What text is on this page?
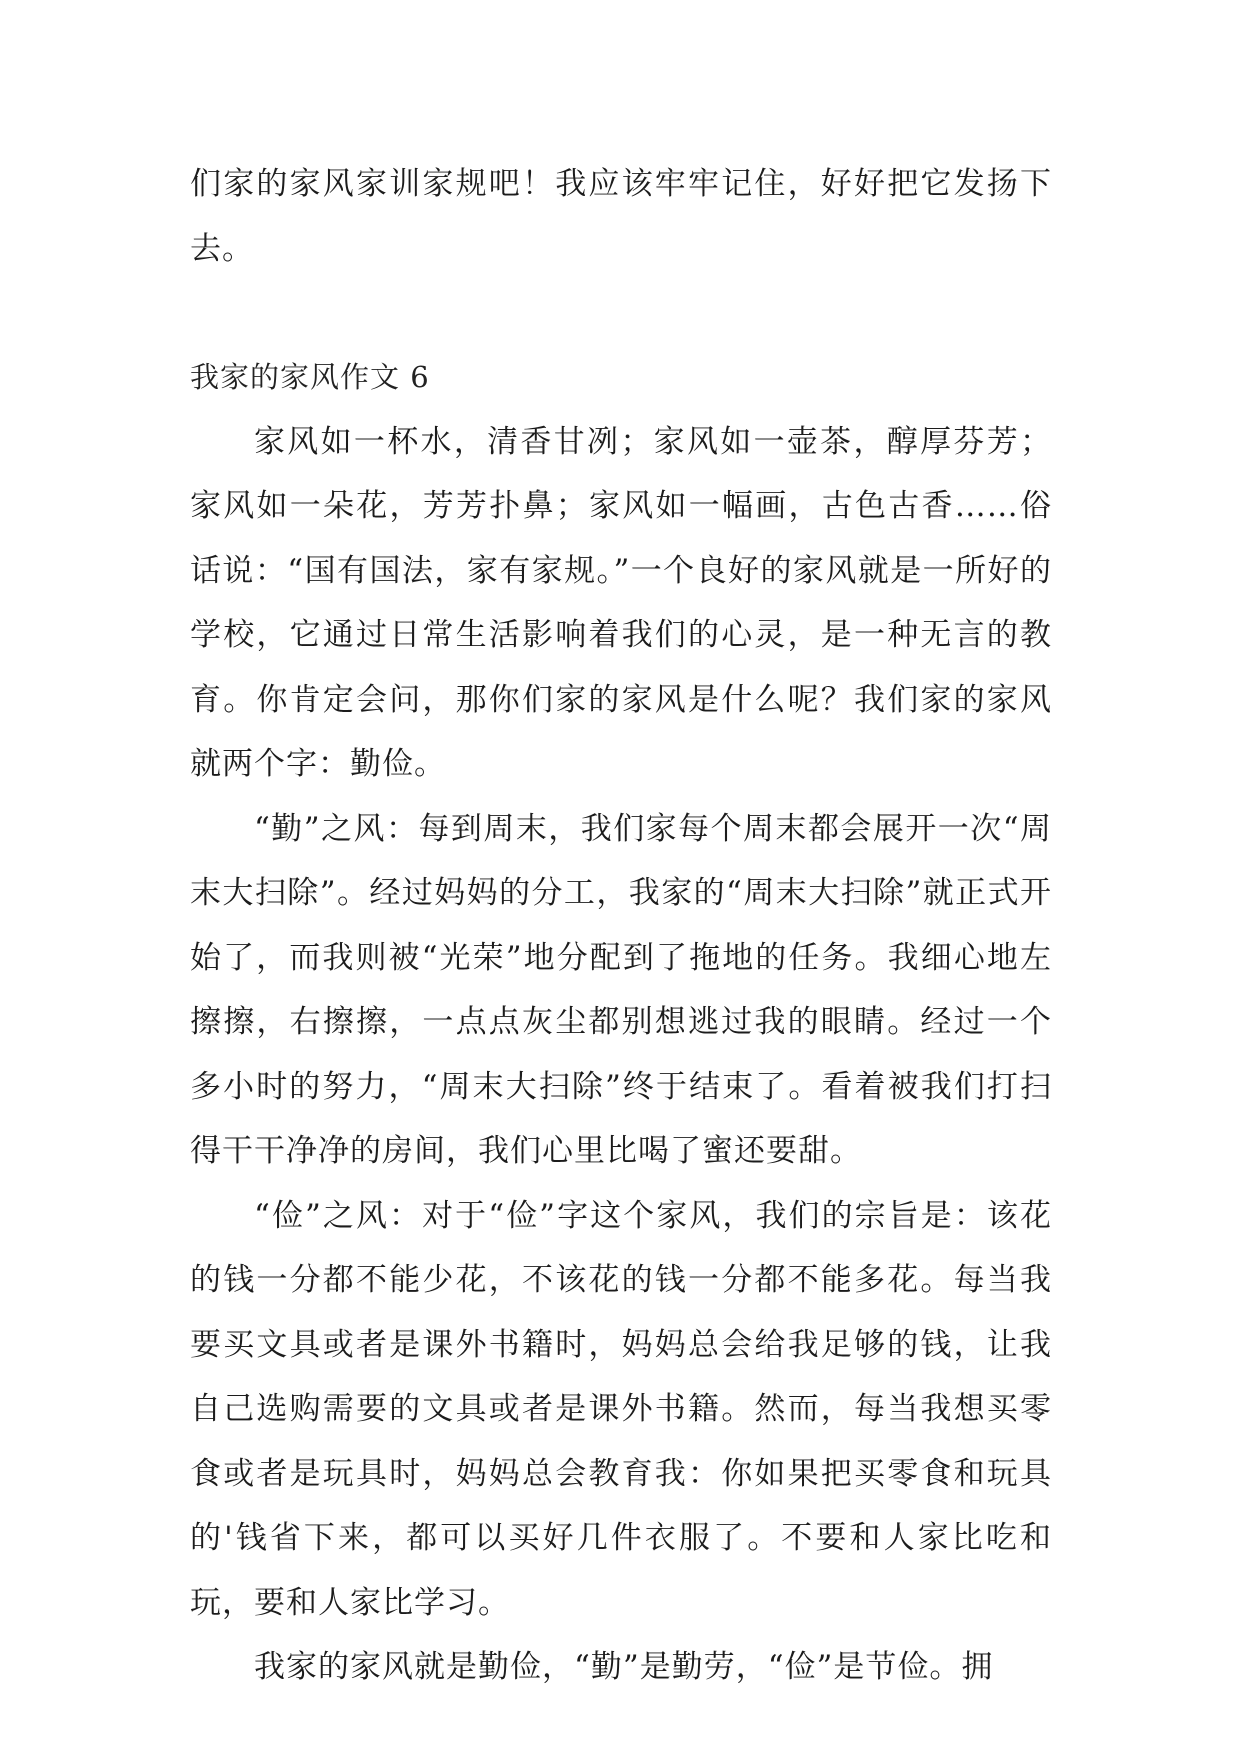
们家的家风家训家规吧！我应该牢牢记住，好好把它发扬下去。

我家的家风作文 6

家风如一杯水，清香甘冽；家风如一壶茶，醇厚芬芳；家风如一朵花，芳芳扑鼻；家风如一幅画，古色古香……俗话说：“国有国法，家有家规。”一个良好的家风就是一所好的学校，它通过日常生活影响着我们的心灵，是一种无言的教育。你肯定会问，那你们家的家风是什么呢？我们家的家风就两个字：勤俭。

“勤”之风：每到周末，我们家每个周末都会展开一次“周末大扫除”。经过妈妈的分工，我家的“周末大扫除”就正式开始了，而我则被“光荣”地分配到了拖地的任务。我细心地左擦擦，右擦擦，一点点灰尘都别想逃过我的眼睛。经过一个多小时的努力，“周末大扫除”终于结束了。看着被我们打扫得干干净净的房间，我们心里比喝了蜜还要甜。

“俭”之风：对于“俭”字这个家风，我们的宗旨是：该花的钱一分都不能少花，不该花的钱一分都不能多花。每当我要买文具或者是课外书籍时，妈妈总会给我足够的钱，让我自己选购需要的文具或者是课外书籍。然而，每当我想买零食或者是玩具时，妈妈总会教育我：你如果把买零食和玩具的'钱省下来，都可以买好几件衣服了。不要和人家比吃和玩，要和人家比学习。

我家的家风就是勤俭，“勤”是勤劳，“俭”是节俭。拥
